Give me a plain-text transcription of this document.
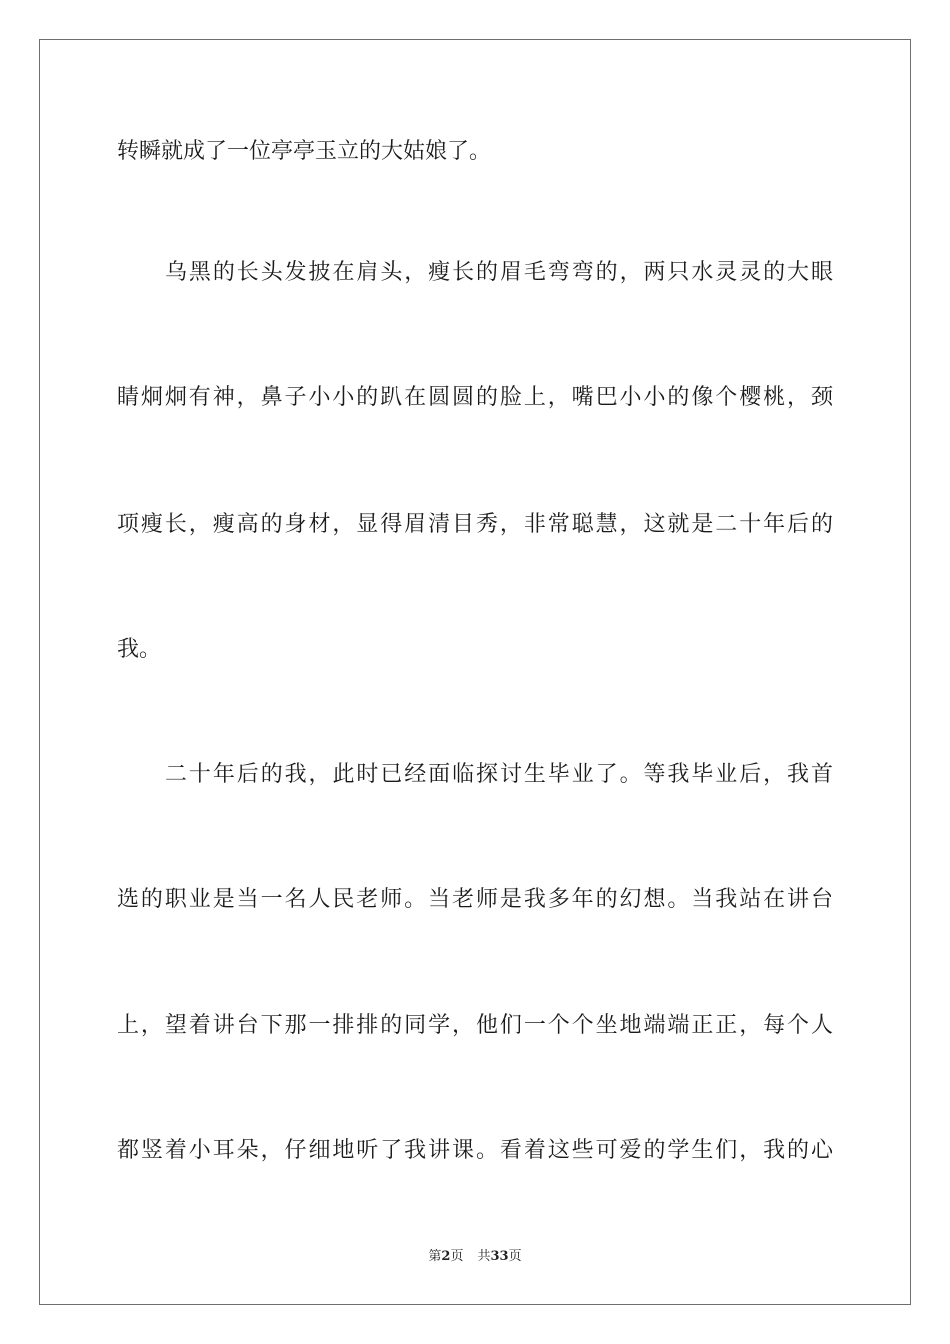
转瞬就成了一位亭亭玉立的大姑娘了。
乌黑的长头发披在肩头，瘦长的眉毛弯弯的，两只水灵灵的大眼
睛炯炯有神，鼻子小小的趴在圆圆的脸上，嘴巴小小的像个樱桃，颈
项瘦长，瘦高的身材，显得眉清目秀，非常聪慧，这就是二十年后的
我。
二十年后的我，此时已经面临探讨生毕业了。等我毕业后，我首
选的职业是当一名人民老师。当老师是我多年的幻想。当我站在讲台
上，望着讲台下那一排排的同学，他们一个个坐地端端正正，每个人
都竖着小耳朵，仔细地听了我讲课。看着这些可爱的学生们，我的心
第2页 共33页
